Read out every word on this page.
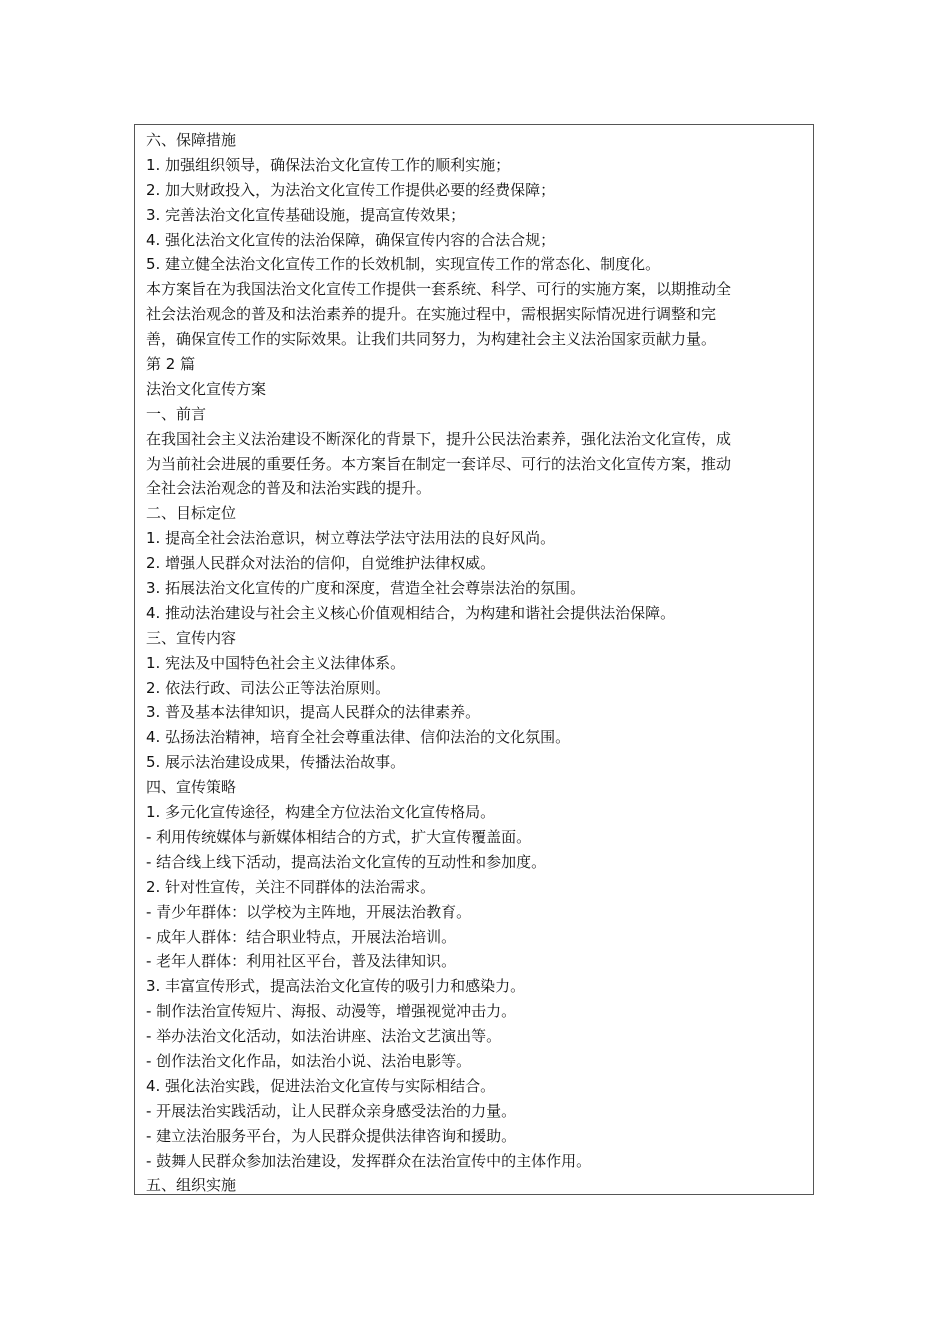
六、保障措施
1. 加强组织领导，确保法治文化宣传工作的顺利实施；
2. 加大财政投入，为法治文化宣传工作提供必要的经费保障；
3. 完善法治文化宣传基础设施，提高宣传效果；
4. 强化法治文化宣传的法治保障，确保宣传内容的合法合规；
5. 建立健全法治文化宣传工作的长效机制，实现宣传工作的常态化、制度化。
本方案旨在为我国法治文化宣传工作提供一套系统、科学、可行的实施方案，以期推动全
社会法治观念的普及和法治素养的提升。在实施过程中，需根据实际情况进行调整和完
善，确保宣传工作的实际效果。让我们共同努力，为构建社会主义法治国家贡献力量。
第 2 篇
法治文化宣传方案
一、前言
在我国社会主义法治建设不断深化的背景下，提升公民法治素养，强化法治文化宣传，成
为当前社会进展的重要任务。本方案旨在制定一套详尽、可行的法治文化宣传方案，推动
全社会法治观念的普及和法治实践的提升。
二、目标定位
1. 提高全社会法治意识，树立尊法学法守法用法的良好风尚。
2. 增强人民群众对法治的信仰，自觉维护法律权威。
3. 拓展法治文化宣传的广度和深度，营造全社会尊崇法治的氛围。
4. 推动法治建设与社会主义核心价值观相结合，为构建和谐社会提供法治保障。
三、宣传内容
1. 宪法及中国特色社会主义法律体系。
2. 依法行政、司法公正等法治原则。
3. 普及基本法律知识，提高人民群众的法律素养。
4. 弘扬法治精神，培育全社会尊重法律、信仰法治的文化氛围。
5. 展示法治建设成果，传播法治故事。
四、宣传策略
1. 多元化宣传途径，构建全方位法治文化宣传格局。
- 利用传统媒体与新媒体相结合的方式，扩大宣传覆盖面。
- 结合线上线下活动，提高法治文化宣传的互动性和参加度。
2. 针对性宣传，关注不同群体的法治需求。
- 青少年群体：以学校为主阵地，开展法治教育。
- 成年人群体：结合职业特点，开展法治培训。
- 老年人群体：利用社区平台，普及法律知识。
3. 丰富宣传形式，提高法治文化宣传的吸引力和感染力。
- 制作法治宣传短片、海报、动漫等，增强视觉冲击力。
- 举办法治文化活动，如法治讲座、法治文艺演出等。
- 创作法治文化作品，如法治小说、法治电影等。
4. 强化法治实践，促进法治文化宣传与实际相结合。
- 开展法治实践活动，让人民群众亲身感受法治的力量。
- 建立法治服务平台，为人民群众提供法律咨询和援助。
- 鼓舞人民群众参加法治建设，发挥群众在法治宣传中的主体作用。
五、组织实施
